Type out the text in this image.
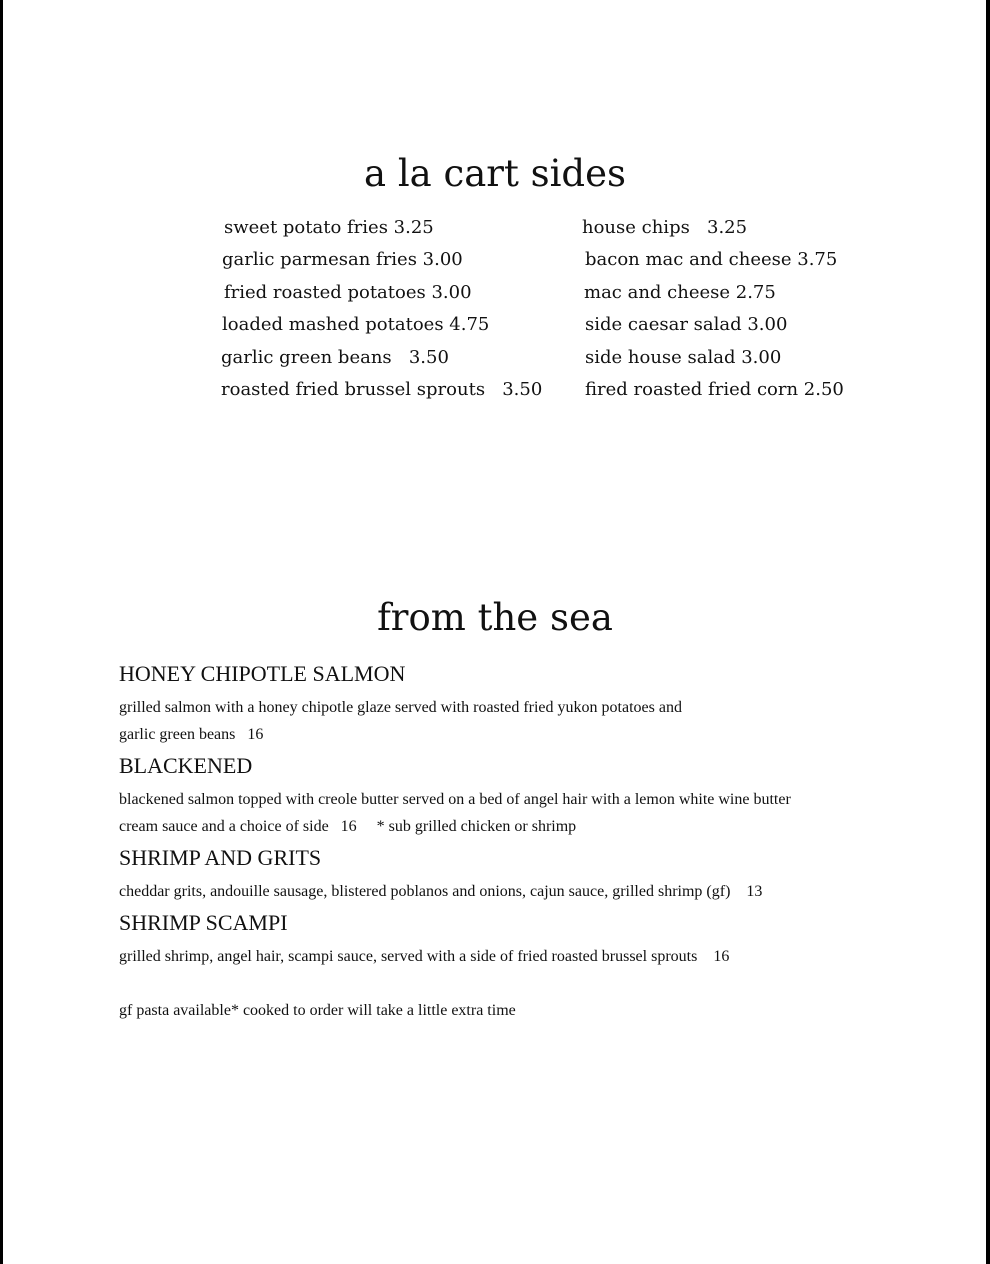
a la cart sides
sweet potato fries 3.25
garlic parmesan fries 3.00
fried roasted potatoes 3.00
loaded mashed potatoes 4.75
garlic green beans   3.50
roasted fried brussel sprouts   3.50
house chips   3.25
bacon mac and cheese 3.75
mac and cheese 2.75
side caesar salad 3.00
side house salad 3.00
fired roasted fried corn 2.50
from the sea
HONEY CHIPOTLE SALMON
grilled salmon with a honey chipotle glaze served with roasted fried yukon potatoes and
garlic green beans   16
BLACKENED
blackened salmon topped with creole butter served on a bed of angel hair with a lemon white wine butter
cream sauce and a choice of side   16     * sub grilled chicken or shrimp
SHRIMP AND GRITS
cheddar grits, andouille sausage, blistered poblanos and onions, cajun sauce, grilled shrimp (gf)    13
SHRIMP SCAMPI
grilled shrimp, angel hair, scampi sauce, served with a side of fried roasted brussel sprouts    16
gf pasta available* cooked to order will take a little extra time
